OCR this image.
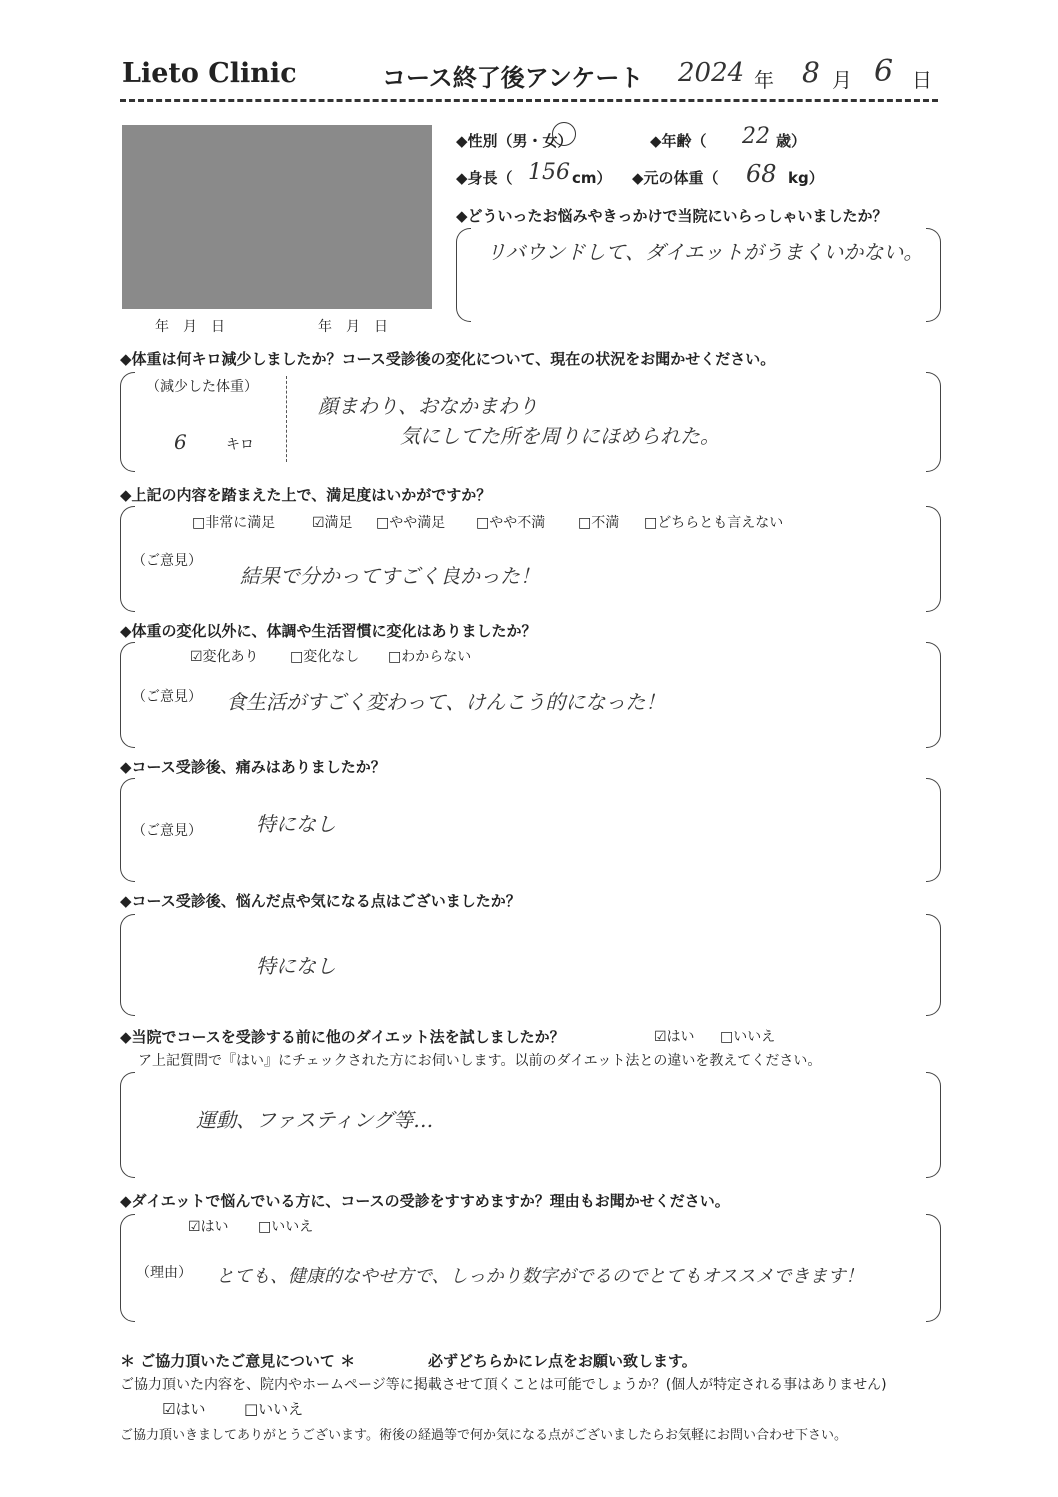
Lieto Clinic	コース終了後アンケート 2024 年 8 月 6 日
年　月　日	年　月　日
◆性別（男・女）	◆年齢（ 22 歳）
◆身長（ 156 cm） ◆元の体重（ 68 kg）
◆どういったお悩みやきっかけで当院にいらっしゃいましたか？
リバウンドして、ダイエットがうまくいかない。
◆体重は何キロ減少しましたか？コース受診後の変化について、現在の状況をお聞かせください。
（減少した体重）
6	キロ
顔まわり、おなかまわり
気にしてた所を周りにほめられた。
◆上記の内容を踏まえた上で、満足度はいかがですか？
□非常に満足	☑満足 □やや満足 □やや不満 □不満 □どちらとも言えない
（ご意見）
結果で分かってすごく良かった！
◆体重の変化以外に、体調や生活習慣に変化はありましたか？
☑変化あり □変化なし □わからない
（ご意見） 食生活がすごく変わって、けんこう的になった！
◆コース受診後、痛みはありましたか？
（ご意見）	特になし
◆コース受診後、悩んだ点や気になる点はございましたか？
特になし
◆当院でコースを受診する前に他のダイエット法を試しましたか？	☑はい □いいえ
ア上記質問で『はい』にチェックされた方にお伺いします。以前のダイエット法との違いを教えてください。
運動、ファスティング等…
◆ダイエットで悩んでいる方に、コースの受診をすすめますか？理由もお聞かせください。
☑はい □いいえ
（理由） とても、健康的なやせ方で、しっかり数字がでるのでとてもオススメできます！
＊ ご協力頂いたご意見について ＊	必ずどちらかにレ点をお願い致します。
ご協力頂いた内容を、院内やホームページ等に掲載させて頂くことは可能でしょうか？(個人が特定される事はありません)
☑はい	□いいえ
ご協力頂いきましてありがとうございます。術後の経過等で何か気になる点がございましたらお気軽にお問い合わせ下さい。
